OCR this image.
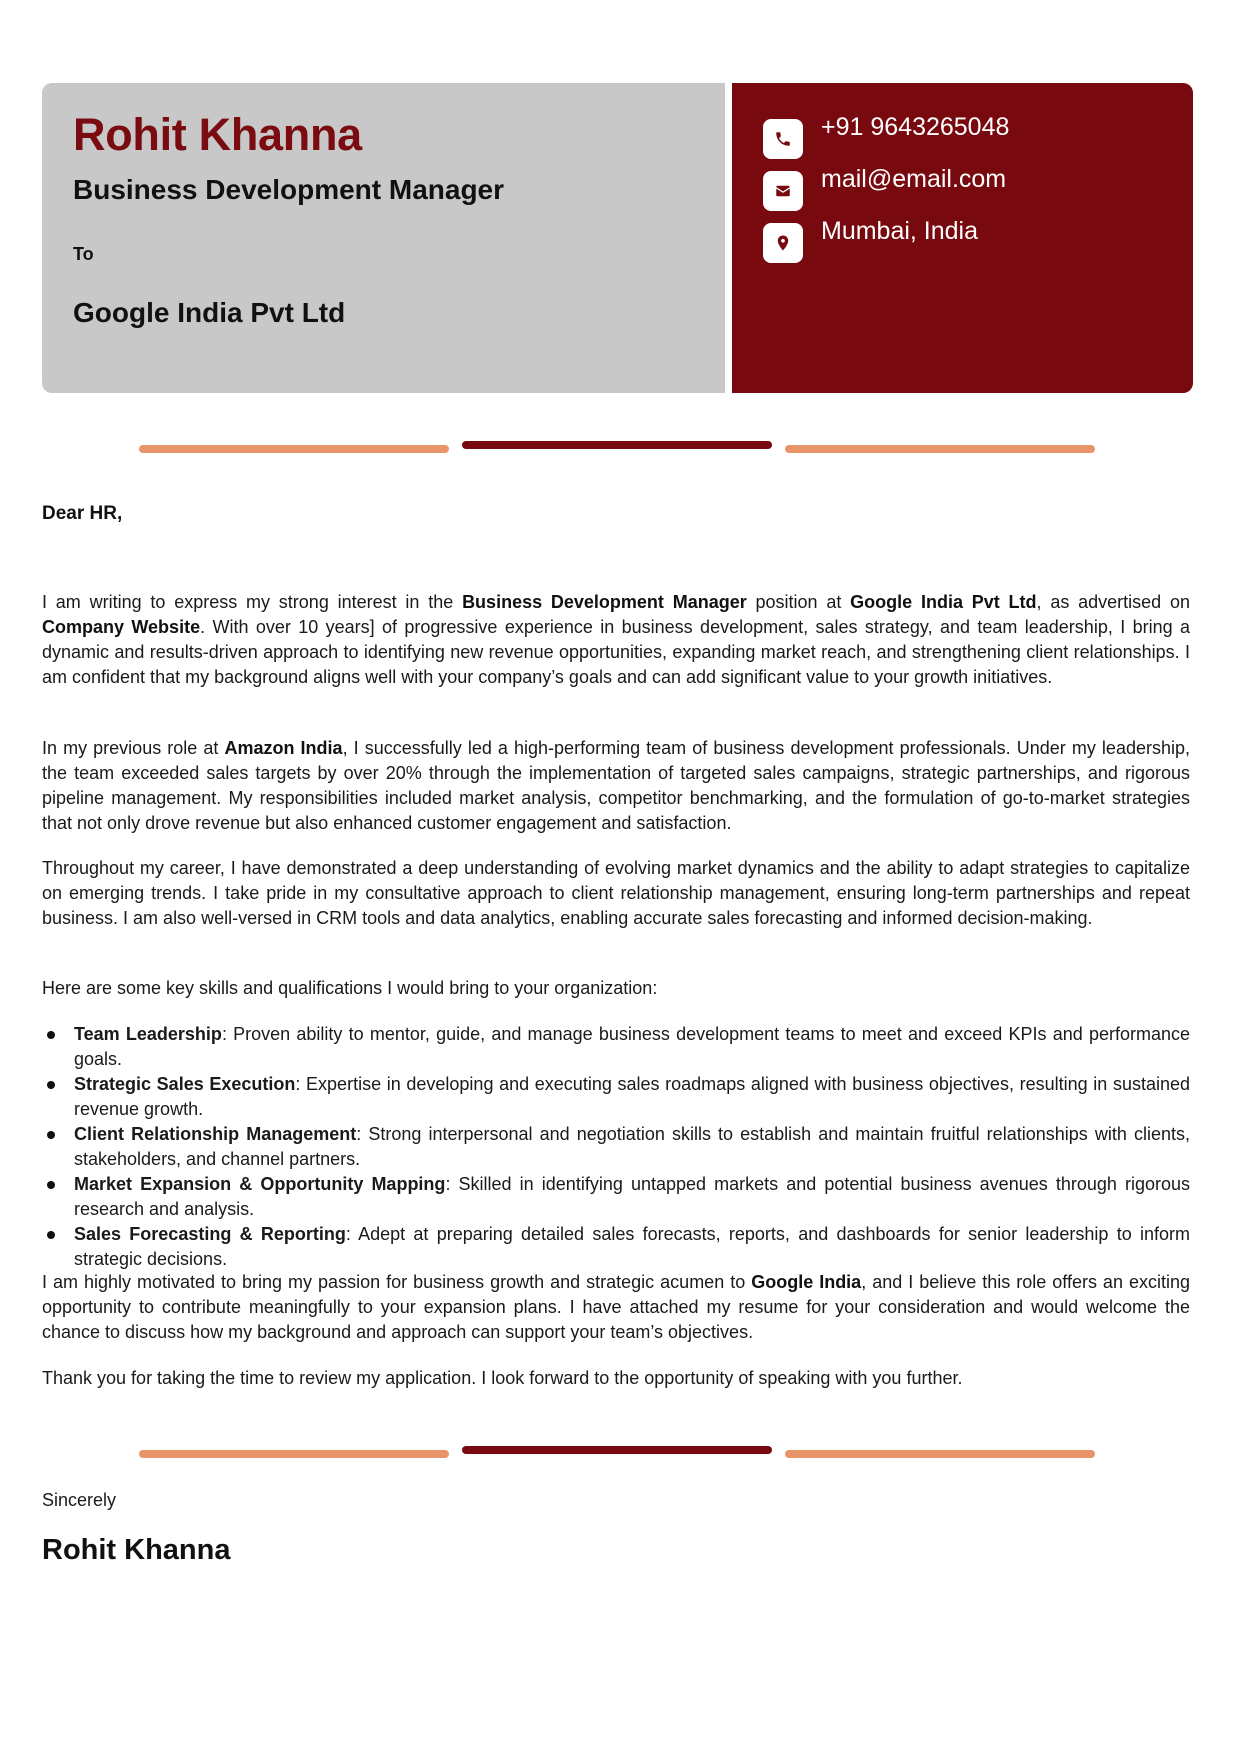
Rohit Khanna
Business Development Manager
To
Google India Pvt Ltd
+91 9643265048
mail@email.com
Mumbai, India
Dear HR,

I am writing to express my strong interest in the Business Development Manager position at Google India Pvt Ltd, as advertised on Company Website. With over 10 years] of progressive experience in business development, sales strategy, and team leadership, I bring a dynamic and results-driven approach to identifying new revenue opportunities, expanding market reach, and strengthening client relationships. I am confident that my background aligns well with your company’s goals and can add significant value to your growth initiatives.

In my previous role at Amazon India, I successfully led a high-performing team of business development professionals. Under my leadership, the team exceeded sales targets by over 20% through the implementation of targeted sales campaigns, strategic partnerships, and rigorous pipeline management. My responsibilities included market analysis, competitor benchmarking, and the formulation of go-to-market strategies that not only drove revenue but also enhanced customer engagement and satisfaction.

Throughout my career, I have demonstrated a deep understanding of evolving market dynamics and the ability to adapt strategies to capitalize on emerging trends. I take pride in my consultative approach to client relationship management, ensuring long-term partnerships and repeat business. I am also well-versed in CRM tools and data analytics, enabling accurate sales forecasting and informed decision-making.

Here are some key skills and qualifications I would bring to your organization:

Team Leadership: Proven ability to mentor, guide, and manage business development teams to meet and exceed KPIs and performance goals.
Strategic Sales Execution: Expertise in developing and executing sales roadmaps aligned with business objectives, resulting in sustained revenue growth.
Client Relationship Management: Strong interpersonal and negotiation skills to establish and maintain fruitful relationships with clients, stakeholders, and channel partners.
Market Expansion & Opportunity Mapping: Skilled in identifying untapped markets and potential business avenues through rigorous research and analysis.
Sales Forecasting & Reporting: Adept at preparing detailed sales forecasts, reports, and dashboards for senior leadership to inform strategic decisions.

I am highly motivated to bring my passion for business growth and strategic acumen to Google India, and I believe this role offers an exciting opportunity to contribute meaningfully to your expansion plans. I have attached my resume for your consideration and would welcome the chance to discuss how my background and approach can support your team’s objectives.

Thank you for taking the time to review my application. I look forward to the opportunity of speaking with you further.

Sincerely
Rohit Khanna
